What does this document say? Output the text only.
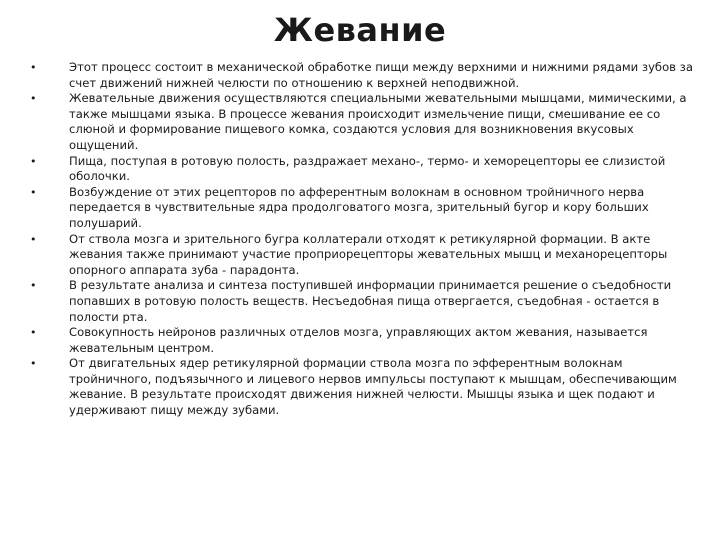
Жевание
•	Этот процесс состоит в механической обработке пищи между верхними и нижними рядами зубов за счет движений нижней челюсти по отношению к верхней неподвижной.
•	Жевательные движения осуществляются специальными жевательными мышцами, мимическими, а также мышцами языка. В процессе жевания происходит измельчение пищи, смешивание ее со слюной и формирование пищевого комка, создаются условия для возникновения вкусовых ощущений.
•	Пища, поступая в ротовую полость, раздражает механо-, термо- и хеморецепторы ее слизистой оболочки.
•	Возбуждение от этих рецепторов по афферентным волокнам в основном тройничного нерва передается в чувствительные ядра продолговатого мозга, зрительный бугор и кору больших полушарий.
•	От ствола мозга и зрительного бугра коллатерали отходят к ретикулярной формации. В акте жевания также принимают участие проприорецепторы жевательных мышц и механорецепторы опорного аппарата зуба - парадонта.
•	В результате анализа и синтеза поступившей информации принимается решение о съедобности попавших в ротовую полость веществ. Несъедобная пища отвергается, съедобная - остается в полости рта.
•	Совокупность нейронов различных отделов мозга, управляющих актом жевания, называется жевательным центром.
•	От двигательных ядер ретикулярной формации ствола мозга по эфферентным волокнам тройничного, подъязычного и лицевого нервов импульсы поступают к мышцам, обеспечивающим жевание. В результате происходят движения нижней челюсти. Мышцы языка и щек подают и удерживают пищу между зубами.
